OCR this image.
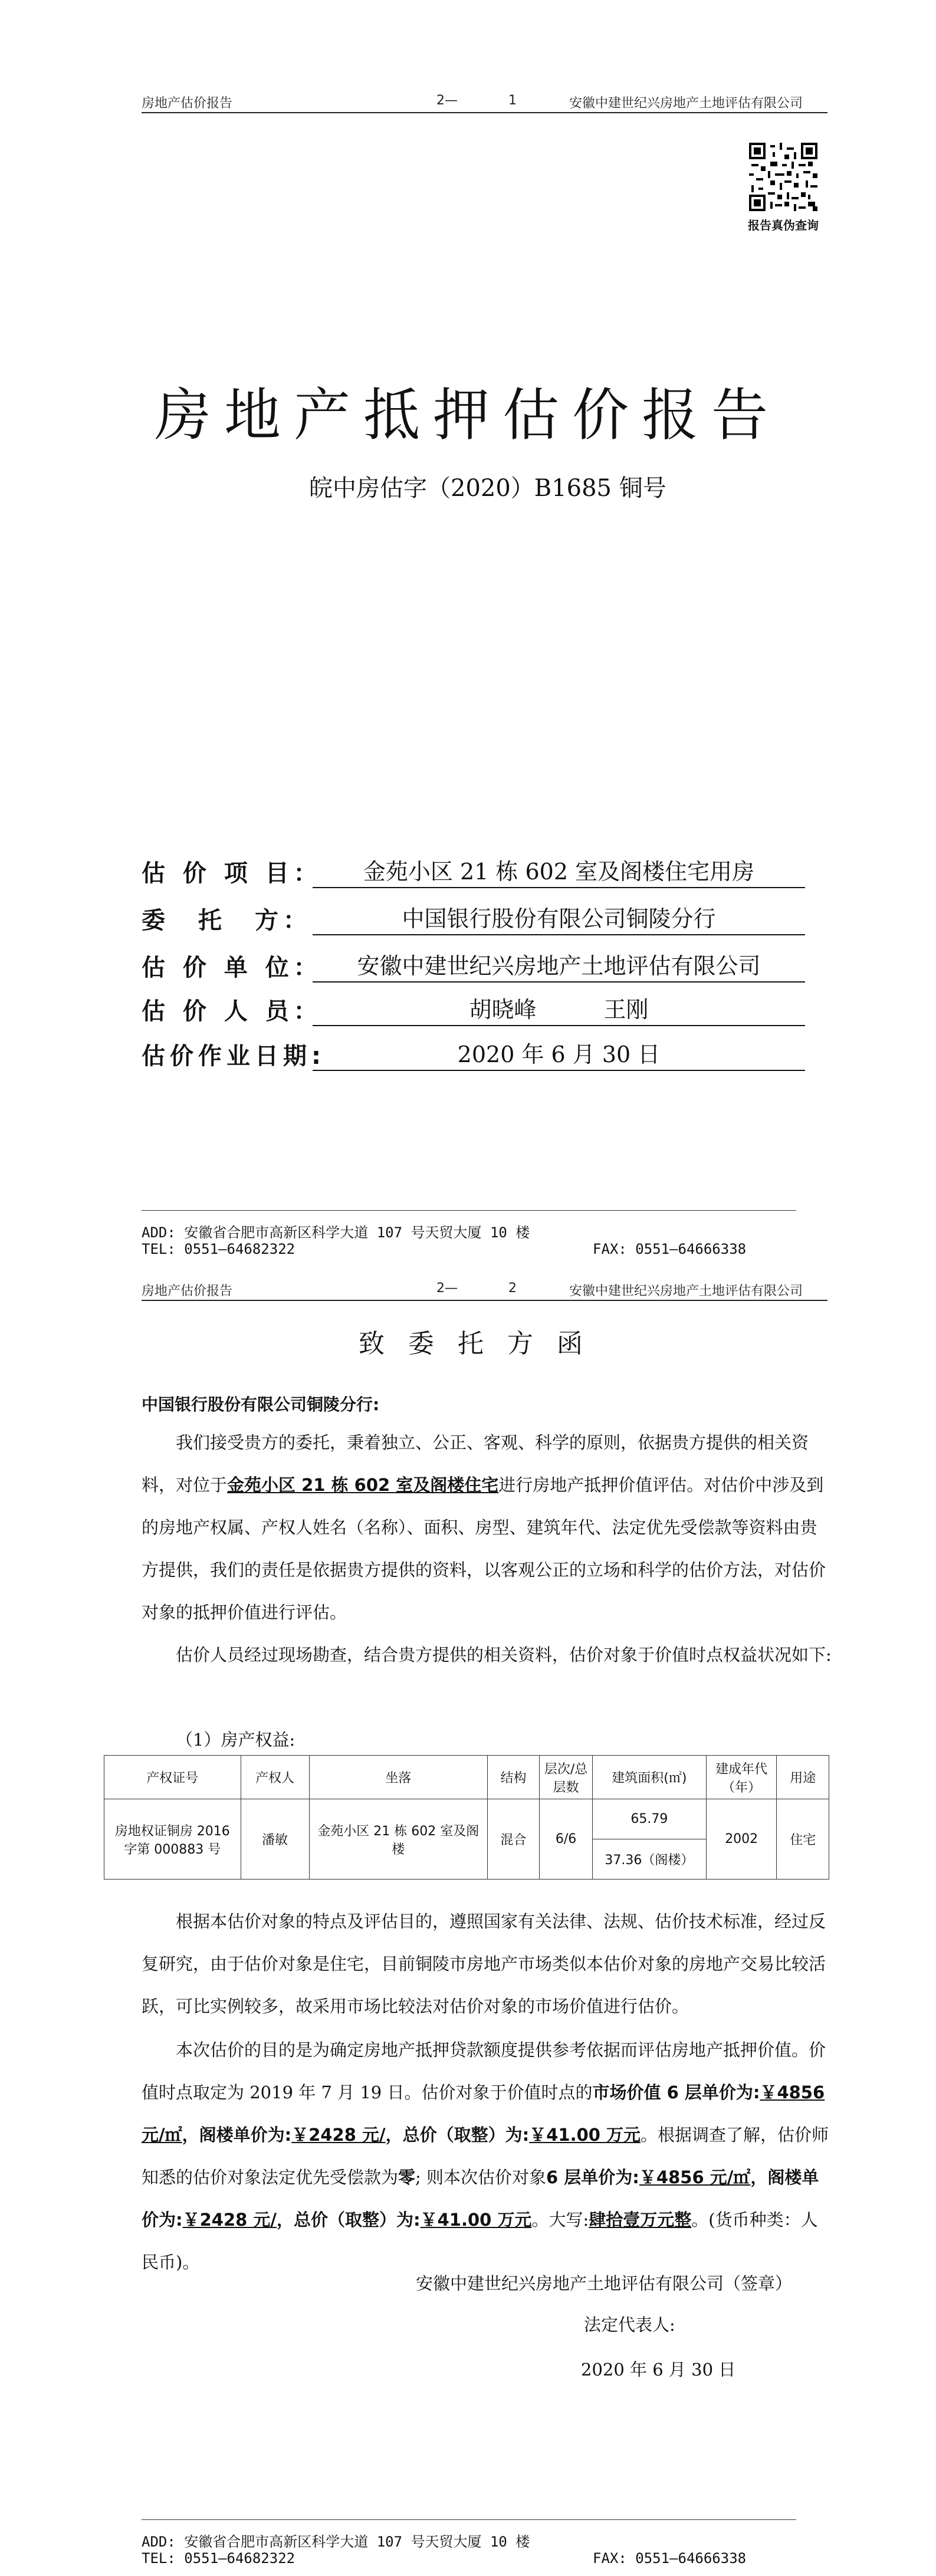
房地产估价报告	2—	1	安徽中建世纪兴房地产土地评估有限公司
报告真伪查询
房地产抵押估价报告
皖中房估字（2020）B1685 铜号
估 价 项 目：	金苑小区 21 栋 602 室及阁楼住宅用房
委　托　方：	中国银行股份有限公司铜陵分行
估 价 单 位：	安徽中建世纪兴房地产土地评估有限公司
估 价 人 员：	胡晓峰　　　王刚
估价作业日期:	2020 年 6 月 30 日
ADD: 安徽省合肥市高新区科学大道 107 号天贸大厦 10 楼
TEL: 0551—64682322	FAX: 0551—64666338
房地产估价报告	2—	2	安徽中建世纪兴房地产土地评估有限公司
致委托方函
中国银行股份有限公司铜陵分行:
我们接受贵方的委托，秉着独立、公正、客观、科学的原则，依据贵方提供的相关资料，对位于金苑小区 21 栋 602 室及阁楼住宅进行房地产抵押价值评估。对估价中涉及到的房地产权属、产权人姓名（名称）、面积、房型、建筑年代、法定优先受偿款等资料由贵方提供，我们的责任是依据贵方提供的资料，以客观公正的立场和科学的估价方法，对估价对象的抵押价值进行评估。
估价人员经过现场勘查，结合贵方提供的相关资料，估价对象于价值时点权益状况如下:
（1）房产权益:
产权证号	产权人	坐落	结构	层次/总层数	建筑面积(㎡)	建成年代（年）	用途
房地权证铜房 2016 字第 000883 号	潘敏	金苑小区 21 栋 602 室及阁楼	混合	6/6	65.79	2002	住宅
					37.36（阁楼）		
根据本估价对象的特点及评估目的，遵照国家有关法律、法规、估价技术标准，经过反复研究，由于估价对象是住宅，目前铜陵市房地产市场类似本估价对象的房地产交易比较活跃，可比实例较多，故采用市场比较法对估价对象的市场价值进行估价。
本次估价的目的是为确定房地产抵押贷款额度提供参考依据而评估房地产抵押价值。价值时点取定为 2019 年 7 月 19 日。估价对象于价值时点的市场价值 6 层单价为:￥4856 元/㎡，阁楼单价为:￥2428 元/，总价（取整）为:￥41.00 万元。根据调查了解，估价师知悉的估价对象法定优先受偿款为零; 则本次估价对象6 层单价为:￥4856 元/㎡，阁楼单价为:￥2428 元/，总价（取整）为:￥41.00 万元。大写:肆拾壹万元整。(货币种类：人民币)。
安徽中建世纪兴房地产土地评估有限公司（签章）
法定代表人:
2020 年 6 月 30 日
ADD: 安徽省合肥市高新区科学大道 107 号天贸大厦 10 楼
TEL: 0551—64682322	FAX: 0551—64666338
